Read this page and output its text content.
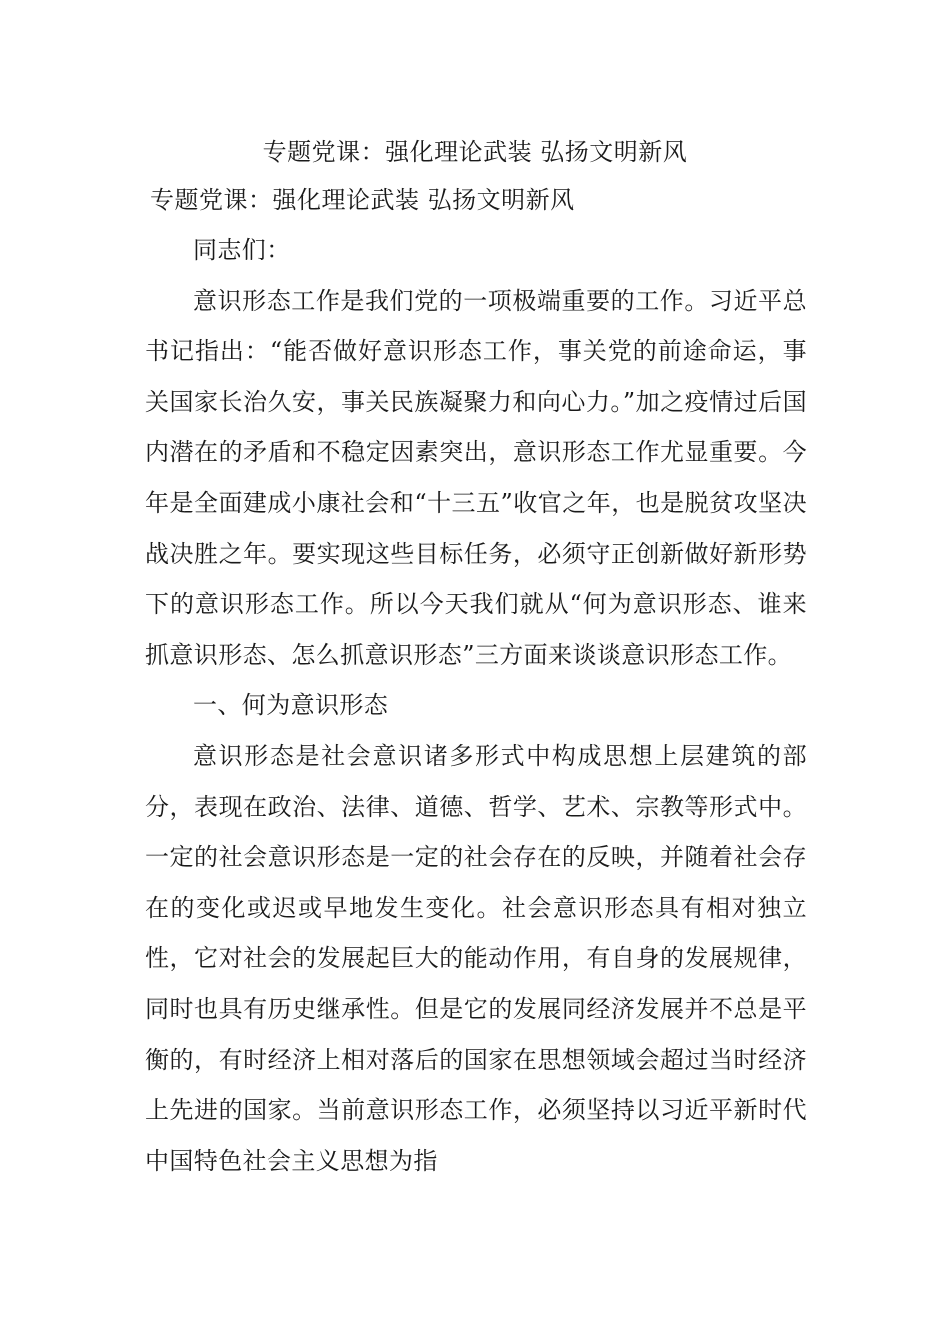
专题党课：强化理论武装 弘扬文明新风
专题党课：强化理论武装 弘扬文明新风

同志们：

意识形态工作是我们党的一项极端重要的工作。习近平总书记指出：“能否做好意识形态工作，事关党的前途命运，事关国家长治久安，事关民族凝聚力和向心力。”加之疫情过后国内潜在的矛盾和不稳定因素突出，意识形态工作尤显重要。今年是全面建成小康社会和“十三五”收官之年，也是脱贫攻坚决战决胜之年。要实现这些目标任务，必须守正创新做好新形势下的意识形态工作。所以今天我们就从“何为意识形态、谁来抓意识形态、怎么抓意识形态”三方面来谈谈意识形态工作。

一、何为意识形态

意识形态是社会意识诸多形式中构成思想上层建筑的部分，表现在政治、法律、道德、哲学、艺术、宗教等形式中。一定的社会意识形态是一定的社会存在的反映，并随着社会存在的变化或迟或早地发生变化。社会意识形态具有相对独立性，它对社会的发展起巨大的能动作用，有自身的发展规律，同时也具有历史继承性。但是它的发展同经济发展并不总是平衡的，有时经济上相对落后的国家在思想领域会超过当时经济上先进的国家。当前意识形态工作，必须坚持以习近平新时代中国特色社会主义思想为指
